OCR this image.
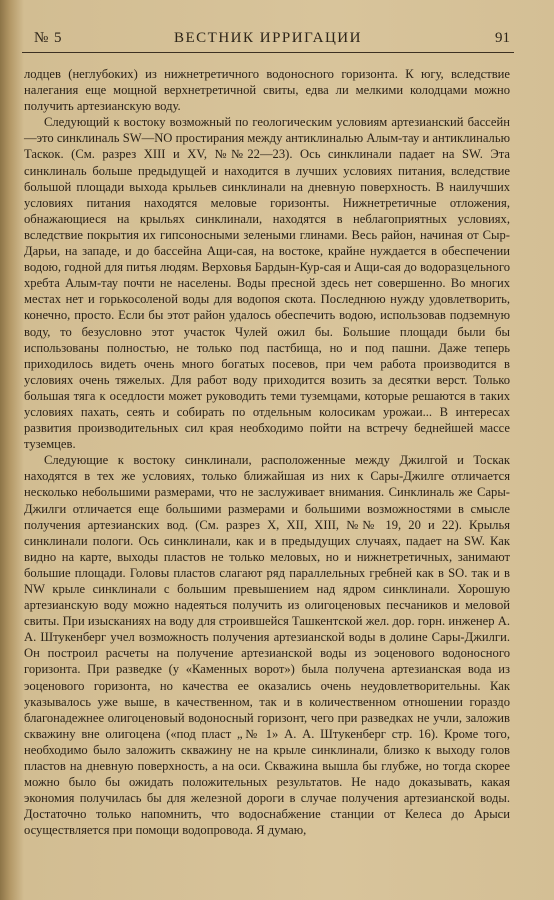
№ 5	ВЕСТНИК ИРРИГАЦИИ	91

лодцев (неглубоких) из нижнетретичного водоносного горизонта. К югу, вследствие налегания еще мощной верхнетретичной свиты, едва ли мелкими колодцами можно получить артезианскую воду.

Следующий к востоку возможный по геологическим условиям артезианский бассейн—это синклиналь SW—NO простирания между антиклиналью Алым-тау и антиклиналью Таскок. (См. разрез XIII и XV, №№22—23). Ось синклинали падает на SW. Эта синклиналь больше предыдущей и находится в лучших условиях питания, вследствие большой площади выхода крыльев синклинали на дневную поверхность. В наилучших условиях питания находятся меловые горизонты. Нижнетретичные отложения, обнажающиеся на крыльях синклинали, находятся в неблагоприятных условиях, вследствие покрытия их гипсоносными зелеными глинами. Весь район, начиная от Сыр-Дарьи, на западе, и до бассейна Ащи-сая, на востоке, крайне нуждается в обеспечении водою, годной для питья людям. Верховья Бардын-Кур-сая и Ащи-сая до водоразцельного хребта Алым-тау почти не населены. Воды пресной здесь нет совершенно. Во многих местах нет и горькосоленой воды для водопоя скота. Последнюю нужду удовлетворить, конечно, просто. Если бы этот район удалось обеспечить водою, использовав подземную воду, то безусловно этот участок Чулей ожил бы. Большие площади были бы использованы полностью, не только под пастбища, но и под пашни. Даже теперь приходилось видеть очень много богатых посевов, при чем работа производится в условиях очень тяжелых. Для работ воду приходится возить за десятки верст. Только большая тяга к оседлости может руководить теми туземцами, которые решаются в таких условиях пахать, сеять и собирать по отдельным колосикам урожаи... В интересах развития производительных сил края необходимо пойти на встречу беднейшей массе туземцев.

Следующие к востоку синклинали, расположенные между Джилгой и Тоскак находятся в тех же условиях, только ближайшая из них к Сары-Джилге отличается несколько небольшими размерами, что не заслуживает внимания. Синклиналь же Сары-Джилги отличается еще большими размерами и большими возможностями в смысле получения артезианских вод. (См. разрез X, XII, XIII, №№ 19, 20 и 22). Крылья синклинали пологи. Ось синклинали, как и в предыдущих случаях, падает на SW. Как видно на карте, выходы пластов не только меловых, но и нижнетретичных, занимают большие площади. Головы пластов слагают ряд параллельных гребней как в SO. так и в NW крыле синклинали с большим превышением над ядром синклинали. Хорошую артезианскую воду можно надеяться получить из олигоценовых песчаников и меловой свиты. При изысканиях на воду для строившейся Ташкентской жел. дор. горн. инженер А. А. Штукенберг учел возможность получения артезианской воды в долине Сары-Джилги. Он построил расчеты на получение артезианской воды из эоценового водоносного горизонта. При разведке (у «Каменных ворот») была получена артезианская вода из эоценового горизонта, но качества ее оказались очень неудовлетворительны. Как указывалось уже выше, в качественном, так и в количественном отношении гораздо благонадежнее олигоценовый водоносный горизонт, чего при разведках не учли, заложив скважину вне олигоцена («под пласт „№ 1» А. А. Штукенберг стр. 16). Кроме того, необходимо было заложить скважину не на крыле синклинали, близко к выходу голов пластов на дневную поверхность, а на оси. Скважина вышла бы глубже, но тогда скорее можно было бы ожидать положительных результатов. Не надо доказывать, какая экономия получилась бы для железной дороги в случае получения артезианской воды. Достаточно только напомнить, что водоснабжение станции от Келеса до Арыси осуществляется при помощи водопровода. Я думаю,
